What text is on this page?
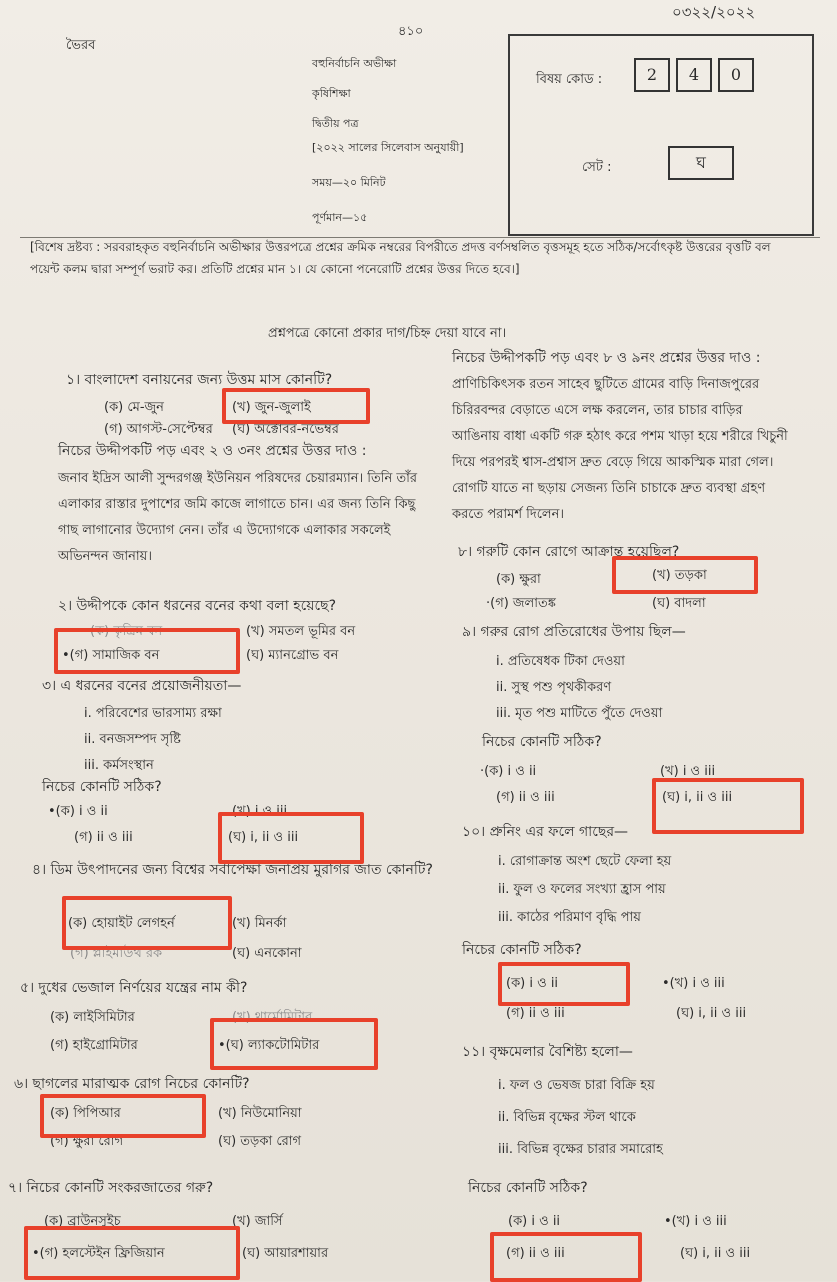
০৩২২/২০২২
৪১০
ভৈরব
বহুনির্বাচনি অভীক্ষা
কৃষিশিক্ষা
দ্বিতীয় পত্র
[২০২২ সালের সিলেবাস অনুযায়ী]
সময়—২০ মিনিট
পূর্ণমান—১৫
বিষয় কোড :	2	4	0
সেট :	ঘ
[বিশেষ দ্রষ্টব্য : সরবরাহকৃত বহুনির্বাচনি অভীক্ষার উত্তরপত্রে প্রশ্নের ক্রমিক নম্বরের বিপরীতে প্রদত্ত বর্ণসম্বলিত বৃত্তসমূহ হতে সঠিক/সর্বোৎকৃষ্ট উত্তরের বৃত্তটি বল পয়েন্ট কলম দ্বারা সম্পূর্ণ ভরাট কর। প্রতিটি প্রশ্নের মান ১। যে কোনো পনেরোটি প্রশ্নের উত্তর দিতে হবে।]
প্রশ্নপত্রে কোনো প্রকার দাগ/চিহ্ন দেয়া যাবে না।
১। বাংলাদেশ বনায়নের জন্য উত্তম মাস কোনটি?
(ক) মে-জুন	(খ) জুন-জুলাই
(গ) আগস্ট-সেপ্টেম্বর (ঘ) অক্টোবর-নভেম্বর
নিচের উদ্দীপকটি পড় এবং ২ ও ৩নং প্রশ্নের উত্তর দাও :
জনাব ইদ্রিস আলী সুন্দরগঞ্জ ইউনিয়ন পরিষদের চেয়ারম্যান। তিনি তাঁর এলাকার রাস্তার দুপাশের জমি কাজে লাগাতে চান। এর জন্য তিনি কিছু গাছ লাগানোর উদ্যোগ নেন। তাঁর এ উদ্যোগকে এলাকার সকলেই অভিনন্দন জানায়।
২। উদ্দীপকে কোন ধরনের বনের কথা বলা হয়েছে?
(ক) কৃত্রিম বন	(খ) সমতল ভূমির বন
•(গ) সামাজিক বন	(ঘ) ম্যানগ্রোভ বন
৩। এ ধরনের বনের প্রয়োজনীয়তা—
i. পরিবেশের ভারসাম্য রক্ষা
ii. বনজসম্পদ সৃষ্টি
iii. কর্মসংস্থান
নিচের কোনটি সঠিক?
•(ক) i ও ii	(খ) i ও iii
(গ) ii ও iii	(ঘ) i, ii ও iii
৪। ডিম উৎপাদনের জন্য বিশ্বের সর্বাপেক্ষা জনপ্রিয় মুরগির জাত কোনটি?
(ক) হোয়াইট লেগহর্ন	(খ) মিনর্কা
(গ) প্লাইমাউথ রক	(ঘ) এনকোনা
৫। দুধের ভেজাল নির্ণয়ের যন্ত্রের নাম কী?
(ক) লাইসিমিটার	(খ) থার্মোমিটার
(গ) হাইগ্রোমিটার	•(ঘ) ল্যাকটোমিটার
৬। ছাগলের মারাত্মক রোগ নিচের কোনটি?
(ক) পিপিআর	(খ) নিউমোনিয়া
(গ) ক্ষুরা রোগ	(ঘ) তড়কা রোগ
৭। নিচের কোনটি সংকরজাতের গরু?
(ক) ব্রাউনসুইচ	(খ) জার্সি
•(গ) হলস্টেইন ফ্রিজিয়ান	(ঘ) আয়ারশায়ার
নিচের উদ্দীপকটি পড় এবং ৮ ও ৯নং প্রশ্নের উত্তর দাও :
প্রাণিচিকিৎসক রতন সাহেব ছুটিতে গ্রামের বাড়ি দিনাজপুরের চিরিরবন্দর বেড়াতে এসে লক্ষ করলেন, তার চাচার বাড়ির আঙিনায় বাধা একটি গরু হঠাৎ করে পশম খাড়া হয়ে শরীরে খিচুনী দিয়ে পরপরই শ্বাস-প্রশ্বাস দ্রুত বেড়ে গিয়ে আকস্মিক মারা গেল। রোগটি যাতে না ছড়ায় সেজন্য তিনি চাচাকে দ্রুত ব্যবস্থা গ্রহণ করতে পরামর্শ দিলেন।
৮। গরুটি কোন রোগে আক্রান্ত হয়েছিল?
(ক) ক্ষুরা	(খ) তড়কা
·(গ) জলাতঙ্ক	(ঘ) বাদলা
৯। গরুর রোগ প্রতিরোধের উপায় ছিল—
i. প্রতিষেধক টিকা দেওয়া
ii. সুস্থ পশু পৃথকীকরণ
iii. মৃত পশু মাটিতে পুঁতে দেওয়া
নিচের কোনটি সঠিক?
·(ক) i ও ii	(খ) i ও iii
(গ) ii ও iii	(ঘ) i, ii ও iii
১০। প্রুনিং এর ফলে গাছের—
i. রোগাক্রান্ত অংশ ছেটে ফেলা হয়
ii. ফুল ও ফলের সংখ্যা হ্রাস পায়
iii. কাঠের পরিমাণ বৃদ্ধি পায়
নিচের কোনটি সঠিক?
(ক) i ও ii	•(খ) i ও iii
(গ) ii ও iii	(ঘ) i, ii ও iii
১১। বৃক্ষমেলার বৈশিষ্ট্য হলো—
i. ফল ও ভেষজ চারা বিক্রি হয়
ii. বিভিন্ন বৃক্ষের স্টল থাকে
iii. বিভিন্ন বৃক্ষের চারার সমারোহ
নিচের কোনটি সঠিক?
(ক) i ও ii	•(খ) i ও iii
(গ) ii ও iii	(ঘ) i, ii ও iii
